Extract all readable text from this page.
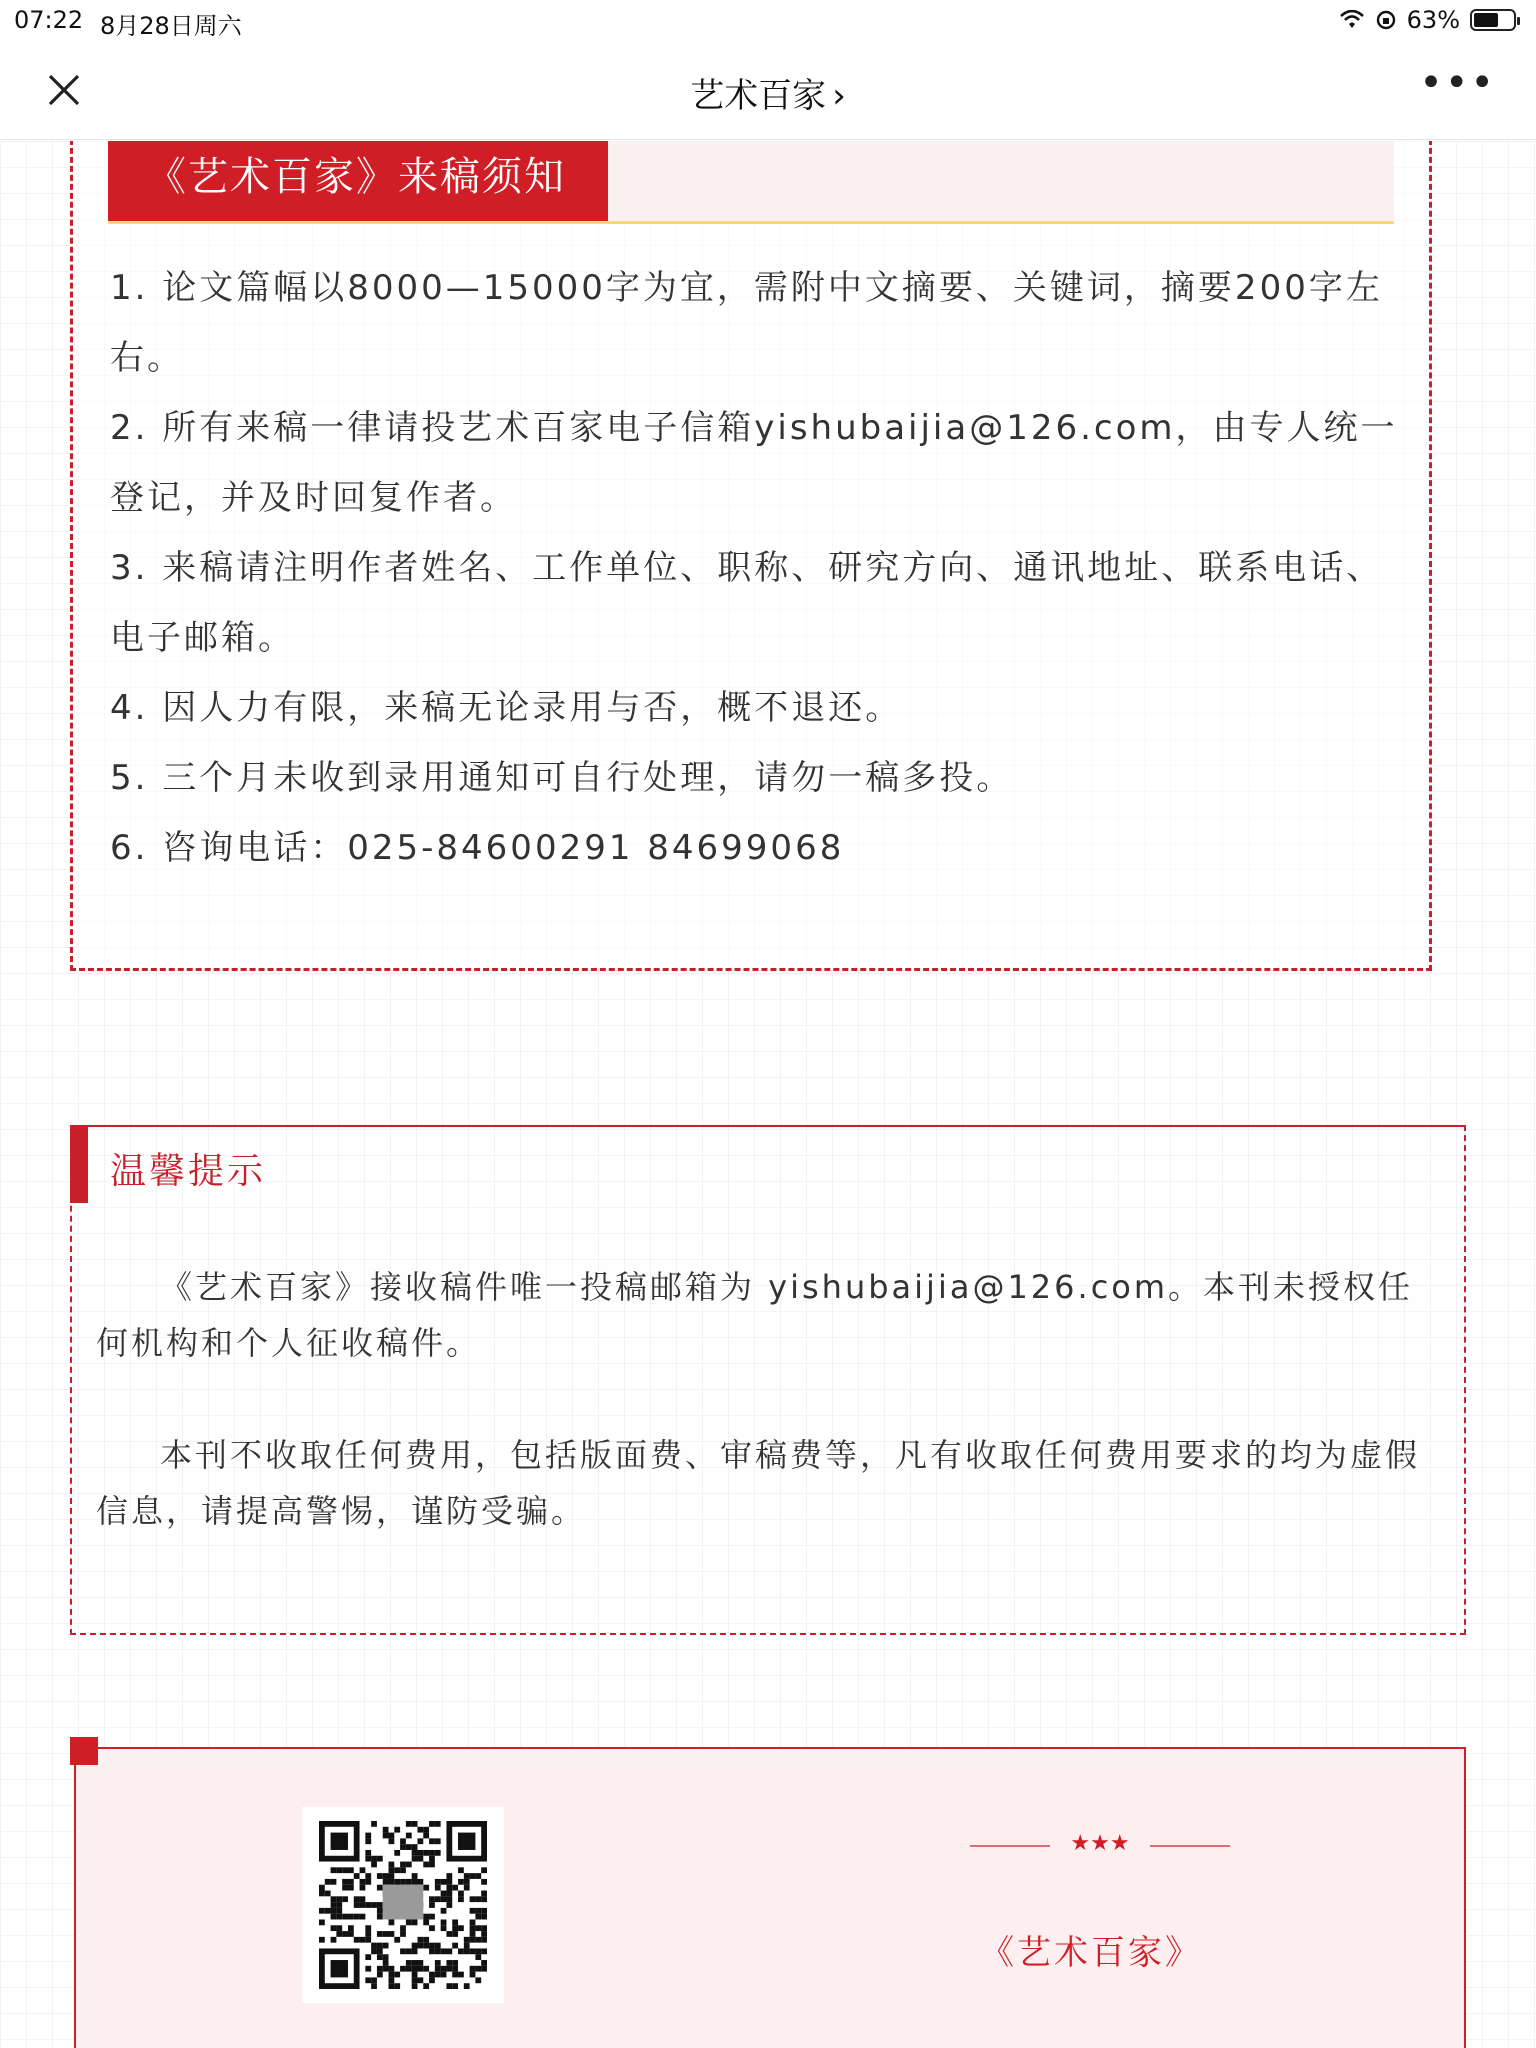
07:22 8月28日周六	63%
艺术百家 ›	•••
《艺术百家》来稿须知

1. 论文篇幅以8000—15000字为宜，需附中文摘要、关键词，摘要200字左右。

2. 所有来稿一律请投艺术百家电子信箱yishubaijia@126.com，由专人统一登记，并及时回复作者。

3. 来稿请注明作者姓名、工作单位、职称、研究方向、通讯地址、联系电话、电子邮箱。

4. 因人力有限，来稿无论录用与否，概不退还。

5. 三个月未收到录用通知可自行处理，请勿一稿多投。

6. 咨询电话：025-84600291 84699068

温馨提示

《艺术百家》接收稿件唯一投稿邮箱为 yishubaijia@126.com。本刊未授权任何机构和个人征收稿件。

本刊不收取任何费用，包括版面费、审稿费等，凡有收取任何费用要求的均为虚假信息，请提高警惕，谨防受骗。

★★★
《艺术百家》
